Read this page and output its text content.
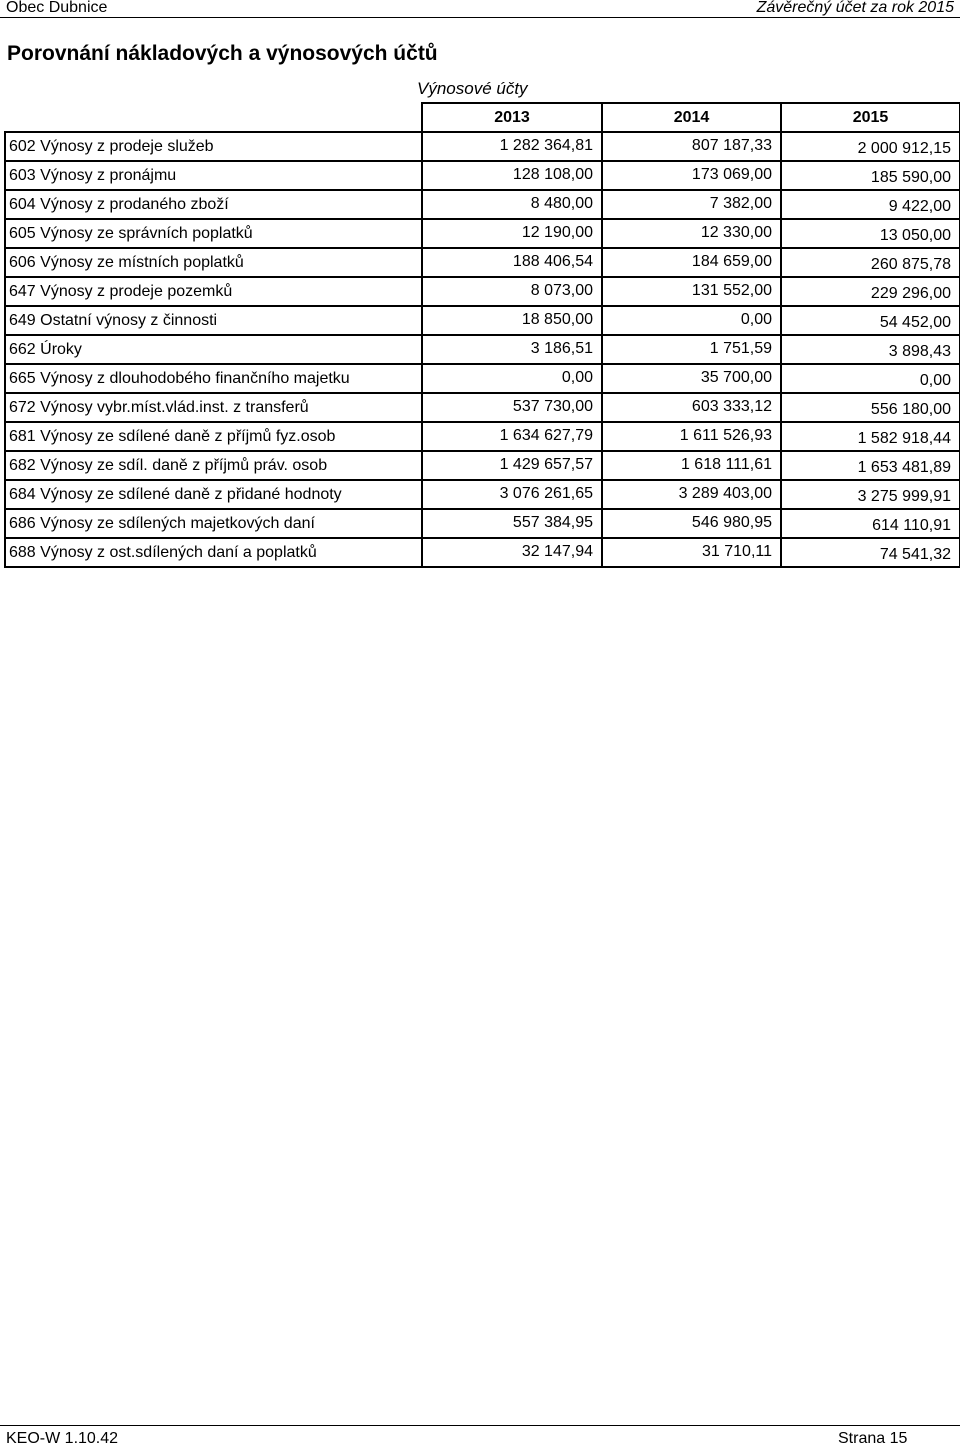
Obec Dubnice	Závěrečný účet za rok 2015
Porovnání nákladových a výnosových účtů
Výnosové účty
	2013	2014	2015
602 Výnosy z prodeje služeb	1 282 364,81	807 187,33	2 000 912,15
603 Výnosy z pronájmu	128 108,00	173 069,00	185 590,00
604 Výnosy z prodaného zboží	8 480,00	7 382,00	9 422,00
605 Výnosy ze správních poplatků	12 190,00	12 330,00	13 050,00
606 Výnosy ze místních poplatků	188 406,54	184 659,00	260 875,78
647 Výnosy z prodeje pozemků	8 073,00	131 552,00	229 296,00
649 Ostatní výnosy z činnosti	18 850,00	0,00	54 452,00
662 Úroky	3 186,51	1 751,59	3 898,43
665 Výnosy z dlouhodobého finančního majetku	0,00	35 700,00	0,00
672 Výnosy vybr.míst.vlád.inst. z transferů	537 730,00	603 333,12	556 180,00
681 Výnosy ze sdílené daně z příjmů fyz.osob	1 634 627,79	1 611 526,93	1 582 918,44
682 Výnosy ze sdíl. daně z příjmů práv. osob	1 429 657,57	1 618 111,61	1 653 481,89
684 Výnosy ze sdílené daně z přidané hodnoty	3 076 261,65	3 289 403,00	3 275 999,91
686 Výnosy ze sdílených majetkových daní	557 384,95	546 980,95	614 110,91
688 Výnosy z ost.sdílených daní a poplatků	32 147,94	31 710,11	74 541,32
KEO-W 1.10.42	Strana 15
